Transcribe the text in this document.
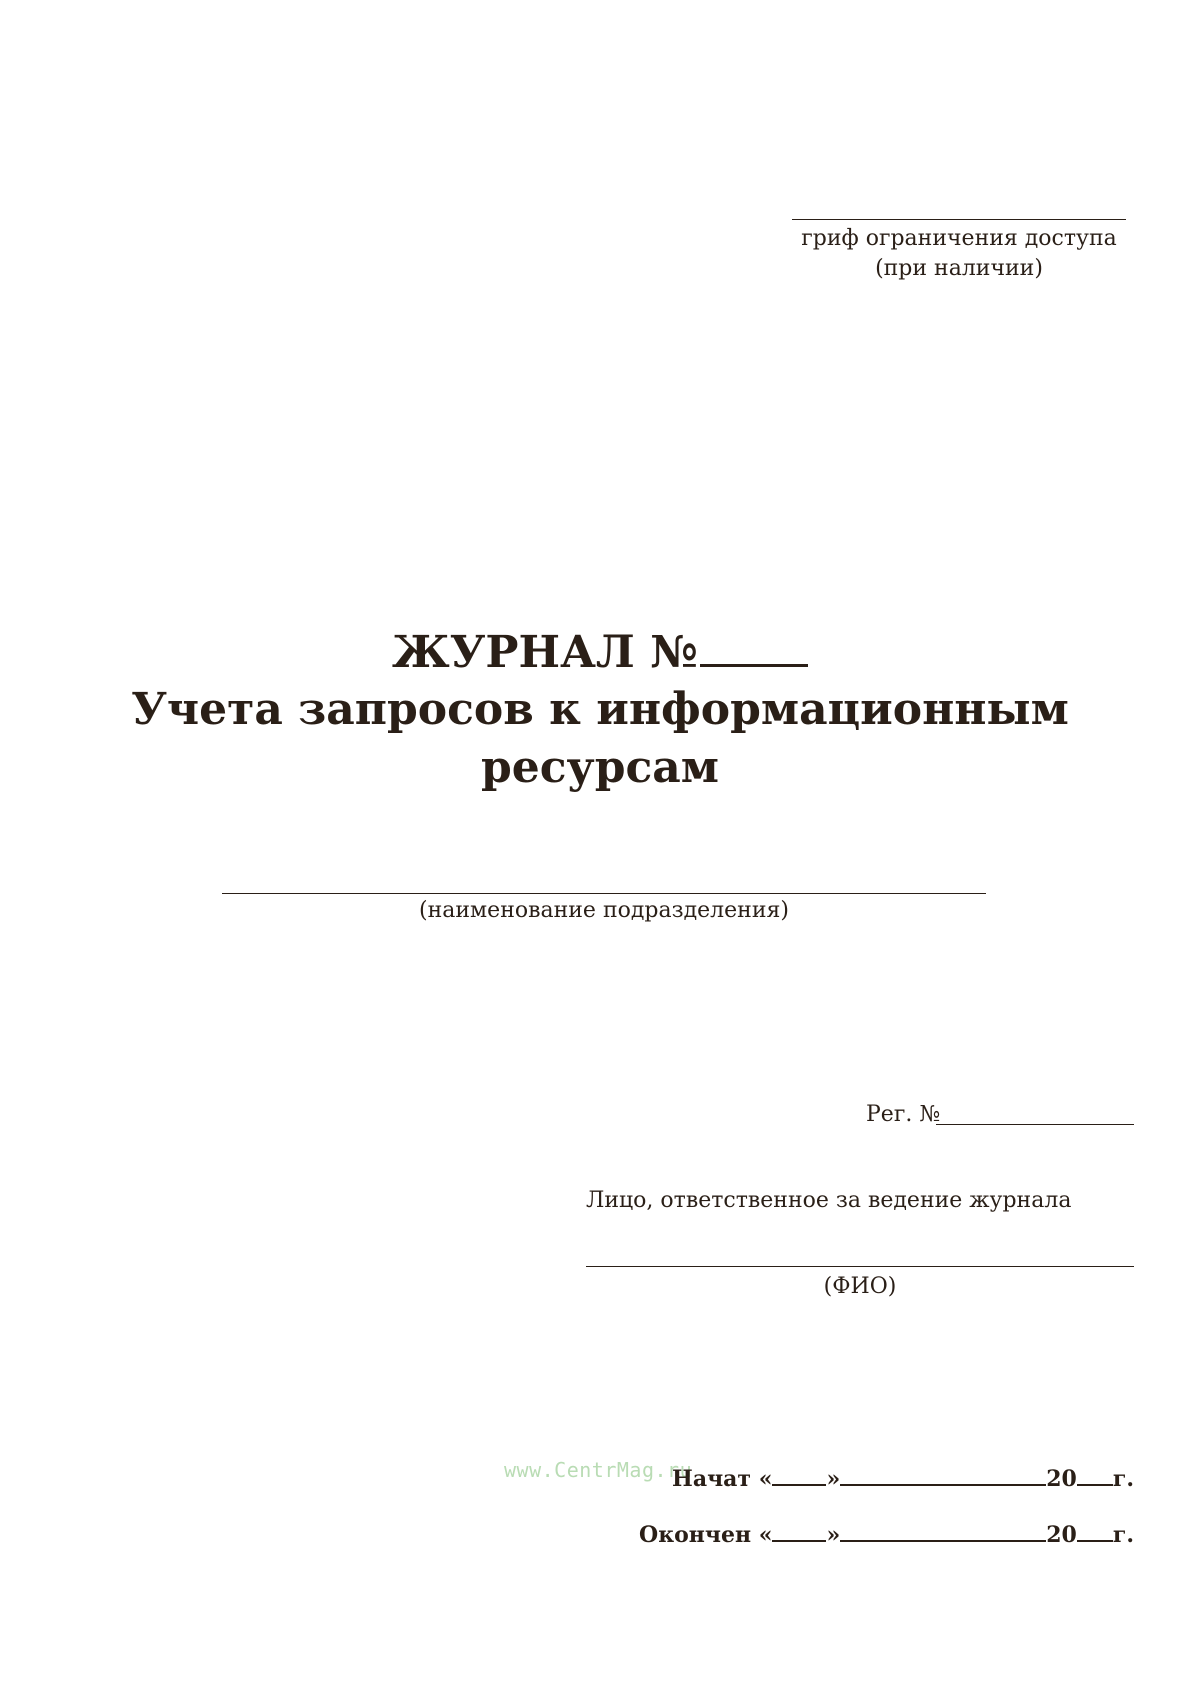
гриф ограничения доступа
(при наличии)
ЖУРНАЛ №
Учета запросов к информационным
ресурсам
(наименование подразделения)
Рег. №
Лицо, ответственное за ведение журнала
(ФИО)
www.CentrMag.ru
Начат « »	20 г.
Окончен « »	20 г.
